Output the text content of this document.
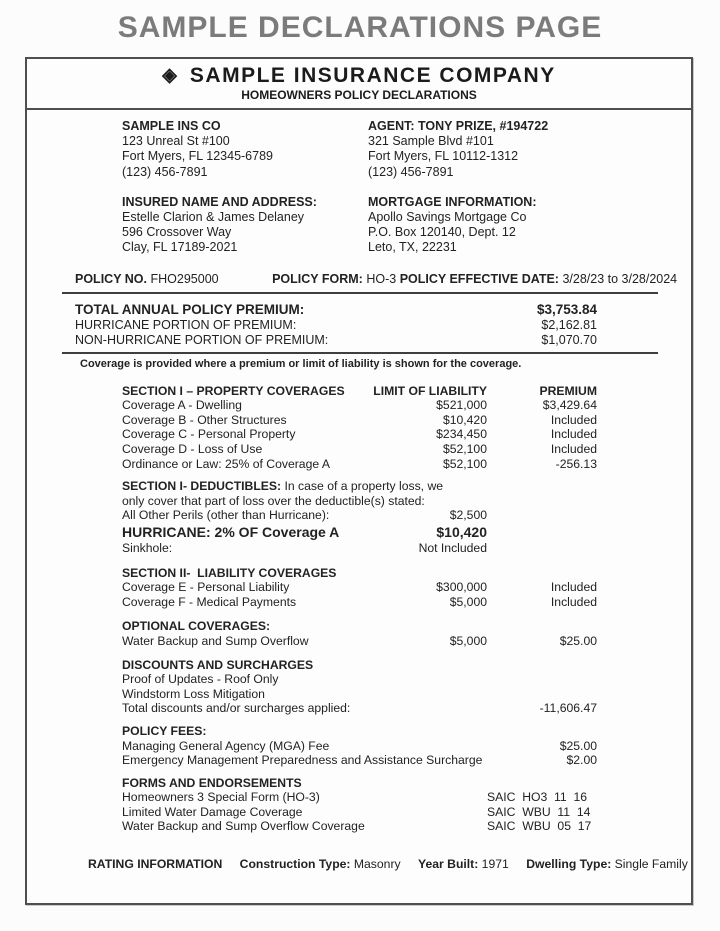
SAMPLE DECLARATIONS PAGE
◈ SAMPLE INSURANCE COMPANY
HOMEOWNERS POLICY DECLARATIONS
SAMPLE INS CO
123 Unreal St #100
Fort Myers, FL 12345-6789
(123) 456-7891
AGENT: TONY PRIZE, #194722
321 Sample Blvd #101
Fort Myers, FL 10112-1312
(123) 456-7891
INSURED NAME AND ADDRESS:
Estelle Clarion & James Delaney
596 Crossover Way
Clay, FL 17189-2021
MORTGAGE INFORMATION:
Apollo Savings Mortgage Co
P.O. Box 120140, Dept. 12
Leto, TX, 22231
POLICY NO. FHO295000	POLICY FORM: HO-3 POLICY EFFECTIVE DATE: 3/28/23 to 3/28/2024
TOTAL ANNUAL POLICY PREMIUM:	$3,753.84
HURRICANE PORTION OF PREMIUM:	$2,162.81
NON-HURRICANE PORTION OF PREMIUM:	$1,070.70
Coverage is provided where a premium or limit of liability is shown for the coverage.
SECTION I – PROPERTY COVERAGES	LIMIT OF LIABILITY	PREMIUM
Coverage A - Dwelling	$521,000	$3,429.64
Coverage B - Other Structures	$10,420	Included
Coverage C - Personal Property	$234,450	Included
Coverage D - Loss of Use	$52,100	Included
Ordinance or Law: 25% of Coverage A	$52,100	-256.13
SECTION I- DEDUCTIBLES: In case of a property loss, we
only cover that part of loss over the deductible(s) stated:
All Other Perils (other than Hurricane):	$2,500
HURRICANE: 2% OF Coverage A	$10,420
Sinkhole:	Not Included
SECTION II-  LIABILITY COVERAGES
Coverage E - Personal Liability	$300,000	Included
Coverage F - Medical Payments	$5,000	Included
OPTIONAL COVERAGES:
Water Backup and Sump Overflow	$5,000	$25.00
DISCOUNTS AND SURCHARGES
Proof of Updates - Roof Only
Windstorm Loss Mitigation
Total discounts and/or surcharges applied:	-11,606.47
POLICY FEES:
Managing General Agency (MGA) Fee	$25.00
Emergency Management Preparedness and Assistance Surcharge	$2.00
FORMS AND ENDORSEMENTS
Homeowners 3 Special Form (HO-3)	SAIC  HO3  11  16
Limited Water Damage Coverage	SAIC  WBU  11  14
Water Backup and Sump Overflow Coverage	SAIC  WBU  05  17
RATING INFORMATION Construction Type: Masonry Year Built: 1971 Dwelling Type: Single Family
